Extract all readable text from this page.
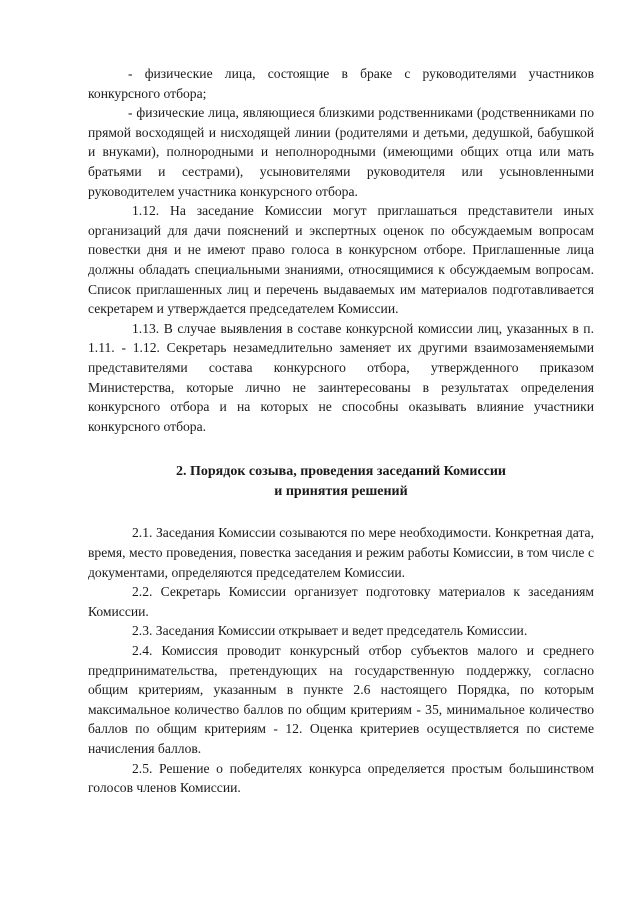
- физические лица, состоящие в браке с руководителями участников конкурсного отбора;

- физические лица, являющиеся близкими родственниками (родственниками по прямой восходящей и нисходящей линии (родителями и детьми, дедушкой, бабушкой и внуками), полнородными и неполнородными (имеющими общих отца или мать братьями и сестрами), усыновителями руководителя или усыновленными руководителем участника конкурсного отбора.

1.12. На заседание Комиссии могут приглашаться представители иных организаций для дачи пояснений и экспертных оценок по обсуждаемым вопросам повестки дня и не имеют право голоса в конкурсном отборе. Приглашенные лица должны обладать специальными знаниями, относящимися к обсуждаемым вопросам. Список приглашенных лиц и перечень выдаваемых им материалов подготавливается секретарем и утверждается председателем Комиссии.

1.13. В случае выявления в составе конкурсной комиссии лиц, указанных в п. 1.11. - 1.12. Секретарь незамедлительно заменяет их другими взаимозаменяемыми представителями состава конкурсного отбора, утвержденного приказом Министерства, которые лично не заинтересованы в результатах определения конкурсного отбора и на которых не способны оказывать влияние участники конкурсного отбора.

2. Порядок созыва, проведения заседаний Комиссии
и принятия решений

2.1. Заседания Комиссии созываются по мере необходимости. Конкретная дата, время, место проведения, повестка заседания и режим работы Комиссии, в том числе с документами, определяются председателем Комиссии.

2.2. Секретарь Комиссии организует подготовку материалов к заседаниям Комиссии.

2.3. Заседания Комиссии открывает и ведет председатель Комиссии.

2.4. Комиссия проводит конкурсный отбор субъектов малого и среднего предпринимательства, претендующих на государственную поддержку, согласно общим критериям, указанным в пункте 2.6 настоящего Порядка, по которым максимальное количество баллов по общим критериям - 35, минимальное количество баллов по общим критериям - 12. Оценка критериев осуществляется по системе начисления баллов.

2.5. Решение о победителях конкурса определяется простым большинством голосов членов Комиссии.
